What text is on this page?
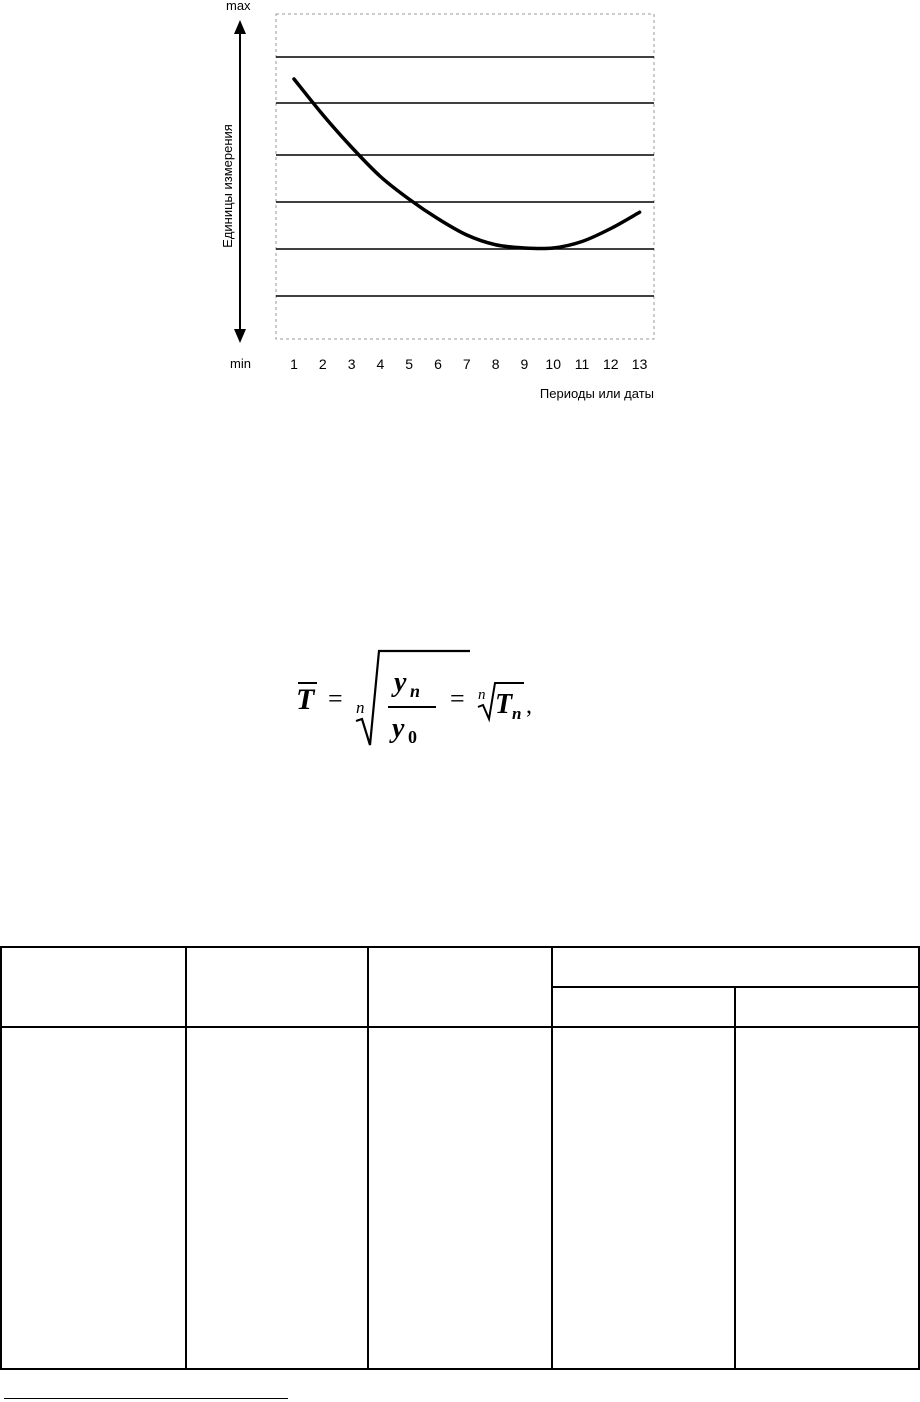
max
min
Единицы измерения
Периоды или даты
1 2 3 4 5 6 7 8 9 10 11 12 13
T = n
y n
y 0
= n T n ,
